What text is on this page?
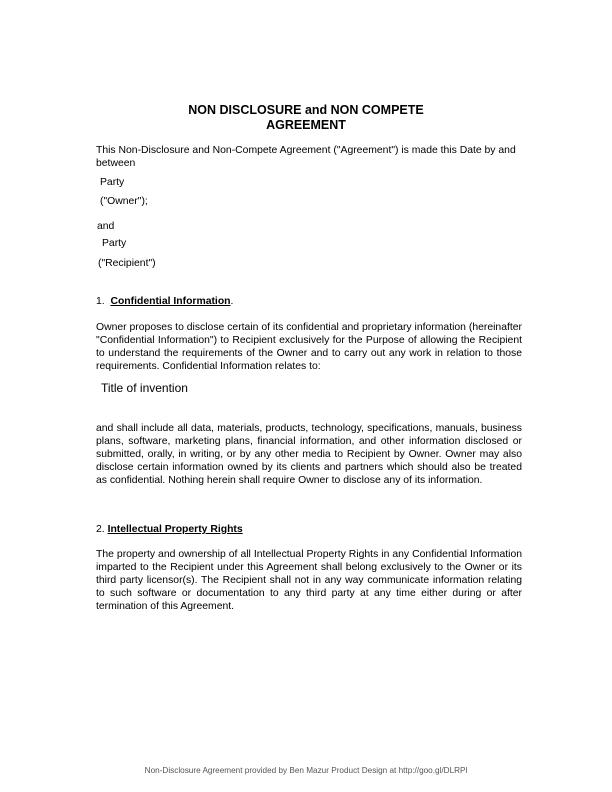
NON DISCLOSURE and NON COMPETE
AGREEMENT
This Non-Disclosure and Non-Compete Agreement ("Agreement") is made this Date by and between
Party
("Owner");
and
Party
("Recipient")
1. Confidential Information.
Owner proposes to disclose certain of its confidential and proprietary information (hereinafter "Confidential Information") to Recipient exclusively for the Purpose of allowing the Recipient to understand the requirements of the Owner and to carry out any work in relation to those requirements. Confidential Information relates to:
Title of invention
and shall include all data, materials, products, technology, specifications, manuals, business plans, software, marketing plans, financial information, and other information disclosed or submitted, orally, in writing, or by any other media to Recipient by Owner. Owner may also disclose certain information owned by its clients and partners which should also be treated as confidential. Nothing herein shall require Owner to disclose any of its information.
2. Intellectual Property Rights
The property and ownership of all Intellectual Property Rights in any Confidential Information imparted to the Recipient under this Agreement shall belong exclusively to the Owner or its third party licensor(s). The Recipient shall not in any way communicate information relating to such software or documentation to any third party at any time either during or after termination of this Agreement.
Non-Disclosure Agreement provided by Ben Mazur Product Design at http://goo.gl/DLRPl
